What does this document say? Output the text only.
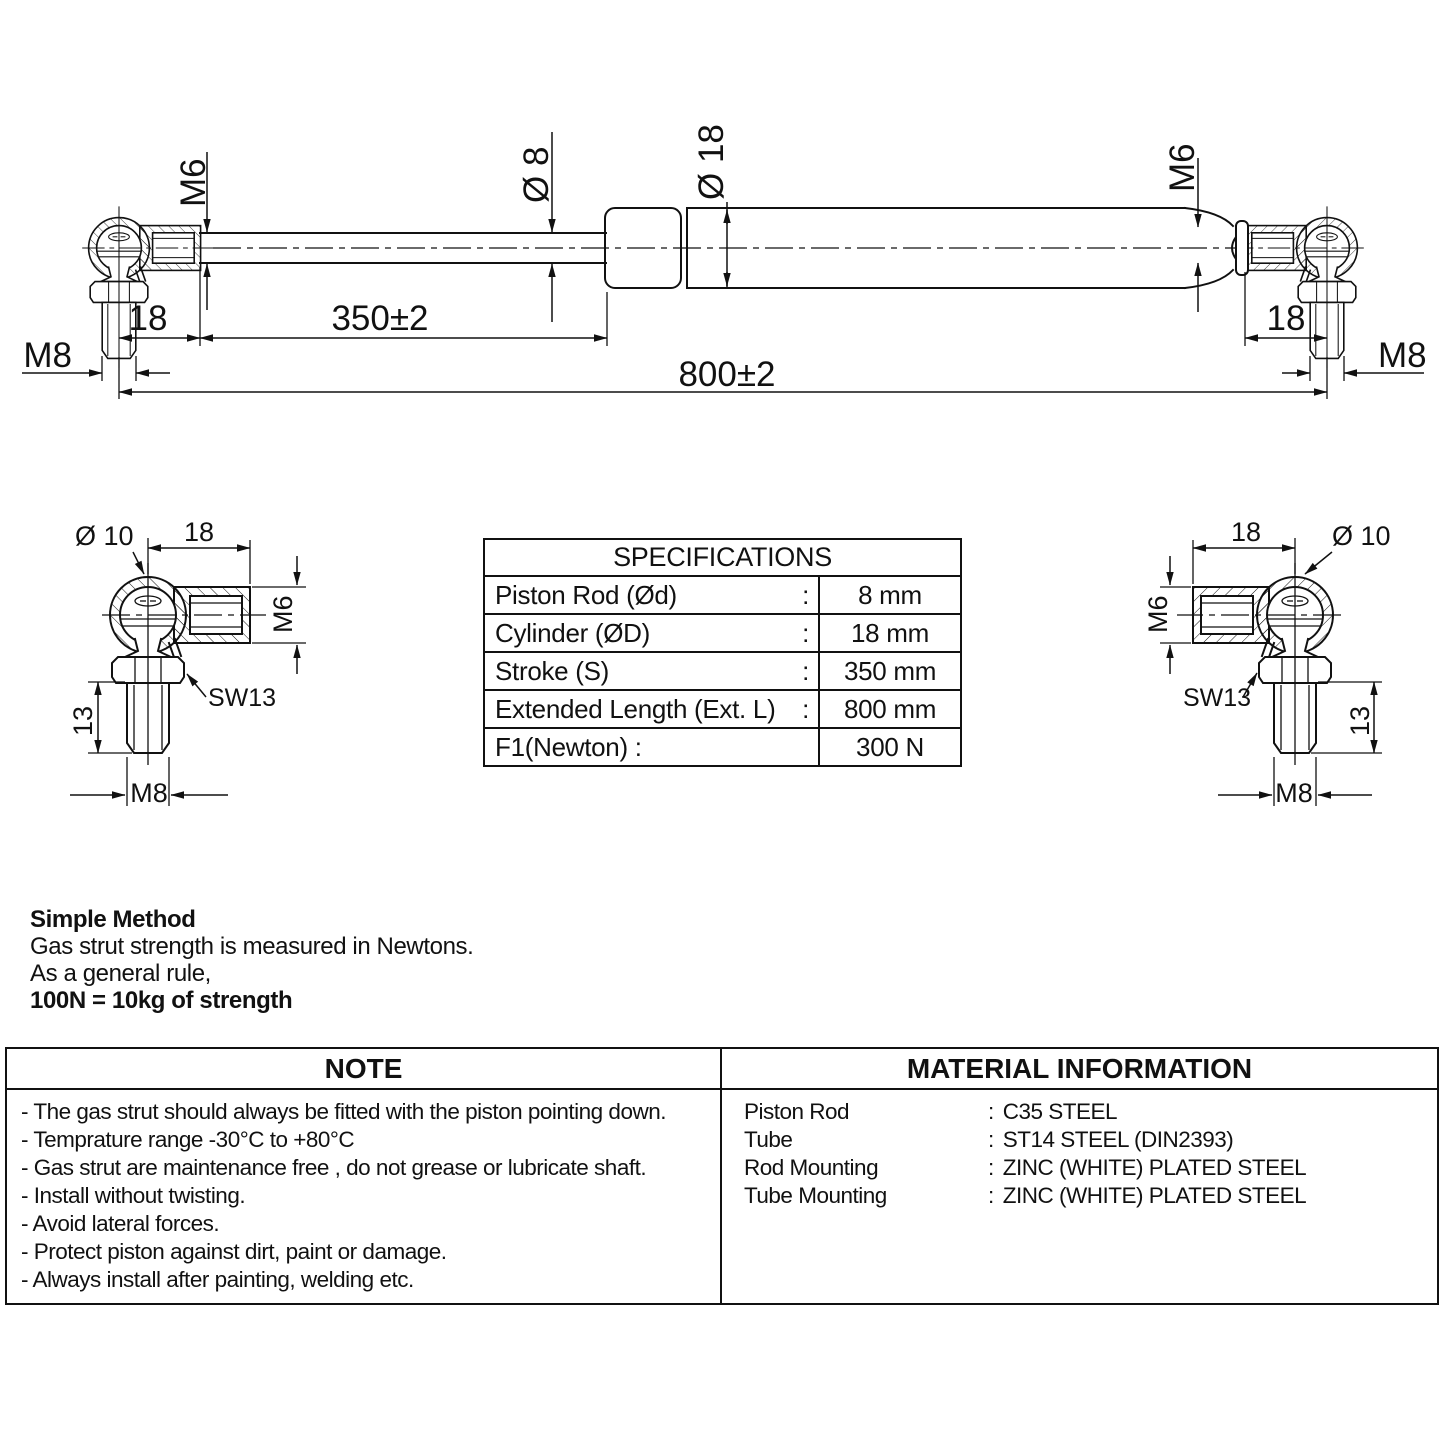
M6	Ø 8	Ø 18	M6
18	350±2	18
M8	M8
800±2
Ø 10 18
M6
13
SW13
M8
18	Ø 10
M6
SW13
13
M8
SPECIFICATIONS
Piston Rod (Ød)	:	8 mm
Cylinder (ØD)	:	18 mm
Stroke (S)	:	350 mm
Extended Length (Ext. L) :	800 mm
F1(Newton) :	300 N
Simple Method
Gas strut strength is measured in Newtons.
As a general rule,
100N = 10kg of strength
NOTE	MATERIAL INFORMATION
- The gas strut should always be fitted with the piston pointing down.
- Temprature range -30°C to +80°C
- Gas strut are maintenance free , do not grease or lubricate shaft.
- Install without twisting.
- Avoid lateral forces.
- Protect piston against dirt, paint or damage.
- Always install after painting, welding etc.
Piston Rod	: C35 STEEL
Tube	: ST14 STEEL (DIN2393)
Rod Mounting	: ZINC (WHITE) PLATED STEEL
Tube Mounting	: ZINC (WHITE) PLATED STEEL
